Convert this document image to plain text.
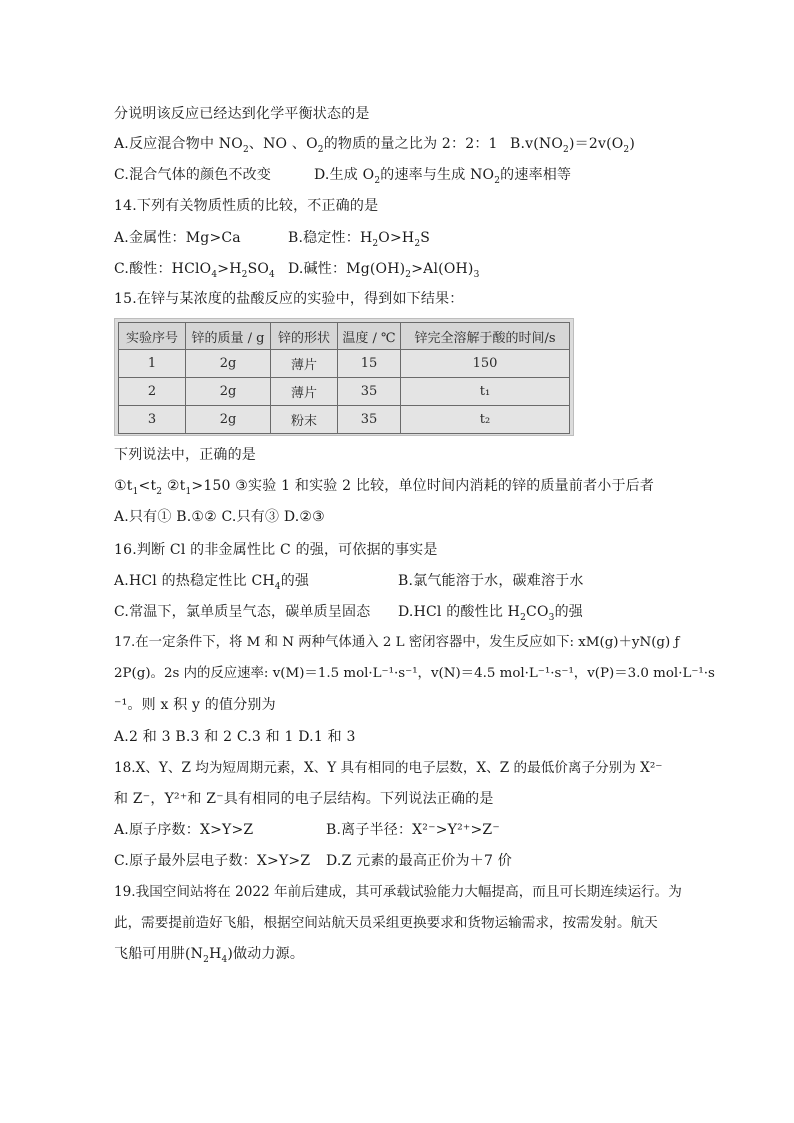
分说明该反应已经达到化学平衡状态的是
A.反应混合物中 $NO_2$、NO 、$O_2$的物质的量之比为 2：2：1 $B.v(NO_2)=2v(O_2)$
C.混合气体的颜色不改变	D.生成 $O_2$的速率与生成 $NO_2$的速率相等
14.下列有关物质性质的比较，不正确的是
A.金属性：Mg>Ca	B.稳定性：$H_2O>H_2S$
C.酸性：$HClO_4>H_2SO_4$ D.碱性：$Mg(OH)_2>Al(OH)_3$
15.在锌与某浓度的盐酸反应的实验中，得到如下结果：
实验序号	锌的质量 / g	锌的形状	温度 / ℃	锌完全溶解于酸的时间/s
1	2g	薄片	15	150
2	2g	薄片	35	t₁
3	2g	粉末	35	t₂
下列说法中，正确的是
$①t_1<t_2$ $②t_1>150$ ③实验 1 和实验 2 比较，单位时间内消耗的锌的质量前者小于后者
A.只有① B.①② C.只有③ D.②③
16.判断 Cl 的非金属性比 C 的强，可依据的事实是
A.HCl 的热稳定性比 $CH_4$的强	B.氯气能溶于水，碳难溶于水
C.常温下，氯单质呈气态，碳单质呈固态 D.HCl 的酸性比 $H_2CO_3$的强
17.在一定条件下，将 M 和 N 两种气体通入 2 L 密闭容器中，发生反应如下: xM(g)＋yN(g) ƒ
2P(g)。2s 内的反应速率: v(M)＝1.5 mol·L⁻¹·s⁻¹，v(N)＝4.5 mol·L⁻¹·s⁻¹，v(P)＝3.0 mol·L⁻¹·s
⁻¹。则 x 积 y 的值分别为
A.2 和 3 B.3 和 2 C.3 和 1 D.1 和 3
18.X、Y、Z 均为短周期元素，X、Y 具有相同的电子层数，X、Z 的最低价离子分别为 X²⁻
和 Z⁻，Y²⁺和 Z⁻具有相同的电子层结构。下列说法正确的是
A.原子序数：X>Y>Z	B.离子半径：X²⁻>Y²⁺>Z⁻
C.原子最外层电子数：X>Y>Z D.Z 元素的最高正价为＋7 价
19.我国空间站将在 2022 年前后建成，其可承载试验能力大幅提高，而且可长期连续运行。为
此，需要提前造好飞船，根据空间站航天员采组更换要求和货物运输需求，按需发射。航天
飞船可用肼$(N_2H_4)$做动力源。
